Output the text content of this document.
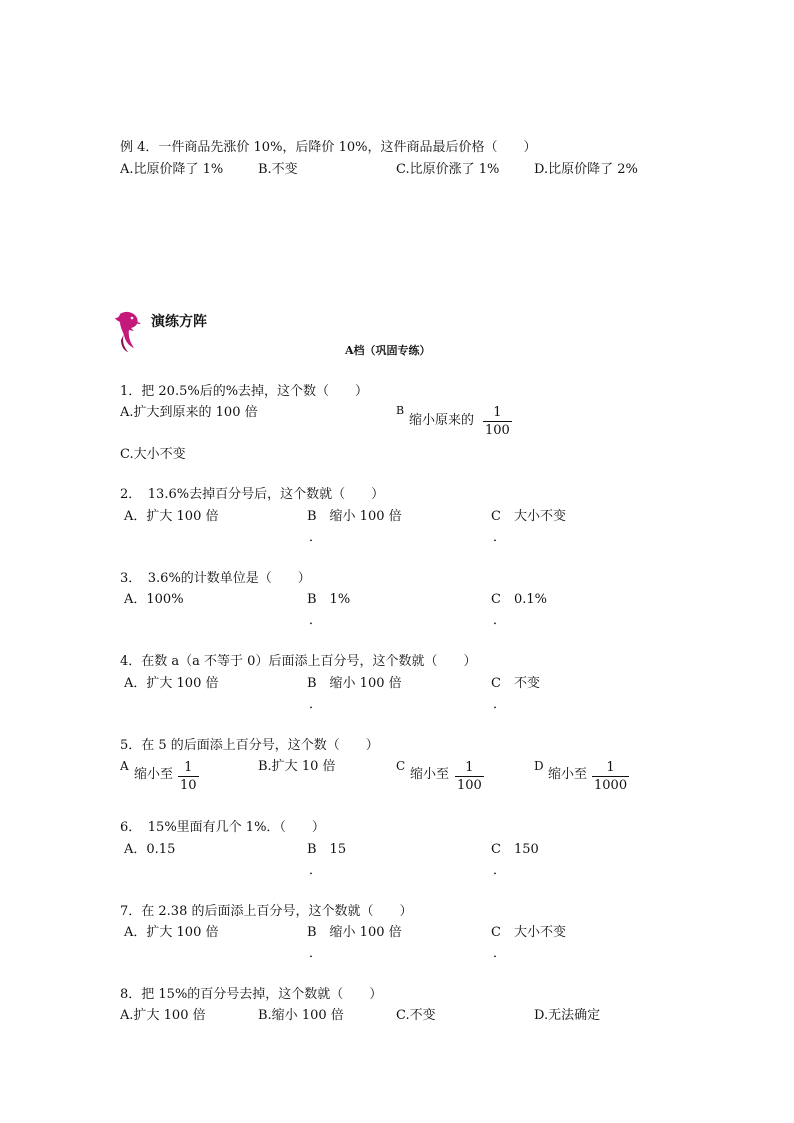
例 4．一件商品先涨价 10%，后降价 10%，这件商品最后价格（　　）
A.比原价降了 1%	B.不变	C.比原价涨了 1%	D.比原价降了 2%
演练方阵
A档（巩固专练）
1．把 20.5%后的%去掉，这个数（　　）
A.扩大到原来的 100 倍	B
缩小原来的 $\frac{1}{100}$
C.大小不变
2．　13.6%去掉百分号后，这个数就（　　）
A．扩大 100 倍	B　缩小 100 倍	C　大小不变
．	．
3．　3.6%的计数单位是（　　）
A．100%	B　1%	C　0.1%
．	．
4．在数 a（a 不等于 0）后面添上百分号，这个数就（　　）
A．扩大 100 倍	B　缩小 100 倍	C　不变
．	．
5．在 5 的后面添上百分号，这个数（　　）
A
缩小至 $\frac{1}{10}$	B.扩大 10 倍	C
缩小至 $\frac{1}{100}$	D
缩小至 $\frac{1}{1000}$
6．　15%里面有几个 1%．（　　）
A．0.15	B　15	C　150
．	．
7．在 2.38 的后面添上百分号，这个数就（　　）
A．扩大 100 倍	B　缩小 100 倍	C　大小不变
．	．
8．把 15%的百分号去掉，这个数就（　　）
A.扩大 100 倍	B.缩小 100 倍	C.不变	D.无法确定
